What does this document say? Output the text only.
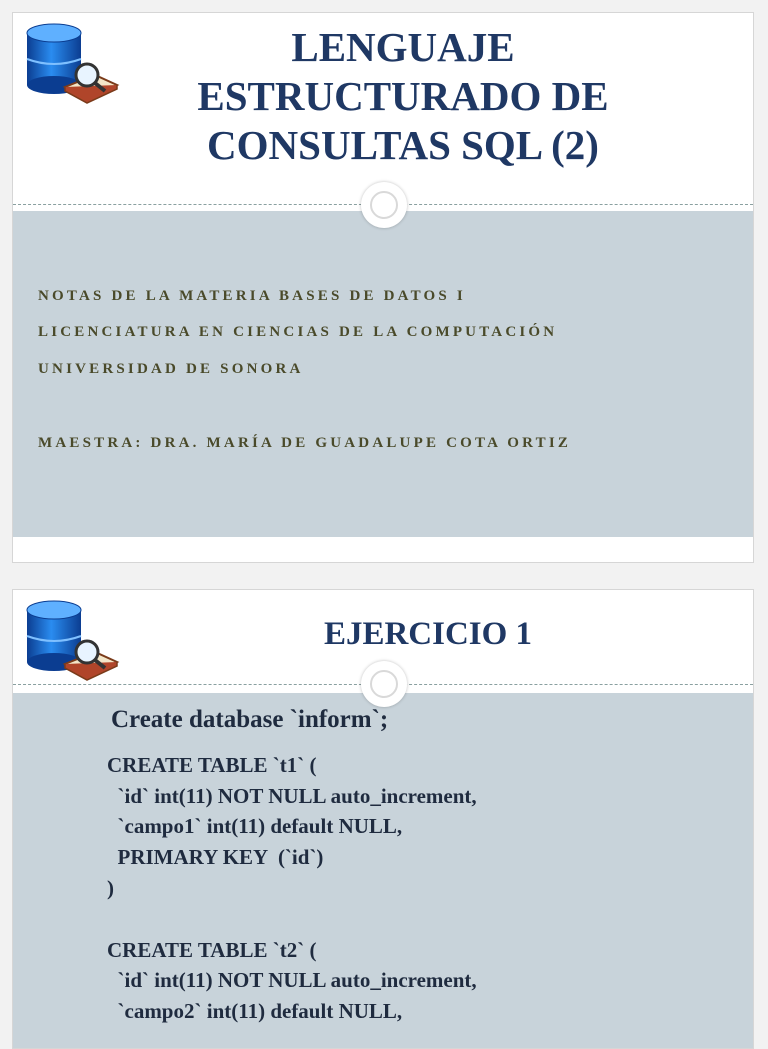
LENGUAJE
ESTRUCTURADO DE
CONSULTAS SQL (2)

NOTAS DE LA MATERIA BASES DE DATOS I

LICENCIATURA EN CIENCIAS DE LA COMPUTACIÓN

UNIVERSIDAD DE SONORA

MAESTRA: DRA. MARÍA DE GUADALUPE COTA ORTIZ

EJERCICIO 1
Create database `inform`;
CREATE TABLE `t1` (
`id` int(11) NOT NULL auto_increment,
`campo1` int(11) default NULL,
PRIMARY KEY  (`id`)
)

CREATE TABLE `t2` (
`id` int(11) NOT NULL auto_increment,
`campo2` int(11) default NULL,
